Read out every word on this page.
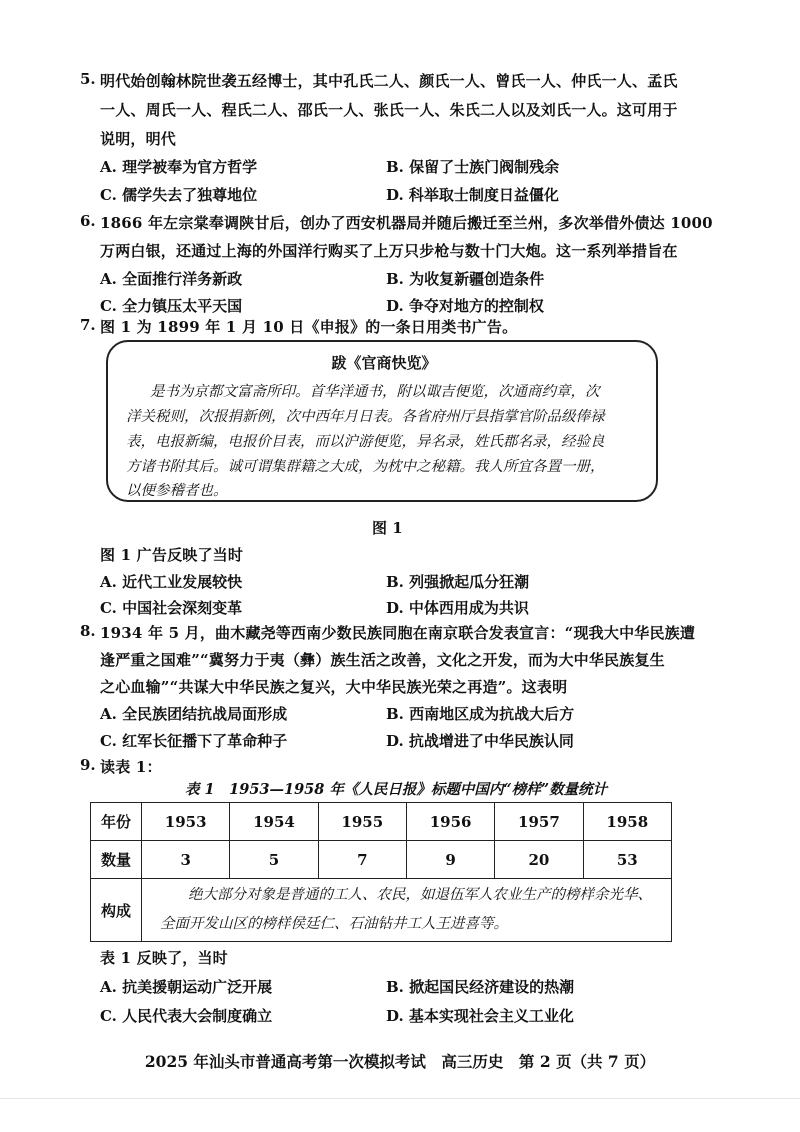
5. 明代始创翰林院世袭五经博士，其中孔氏二人、颜氏一人、曾氏一人、仲氏一人、孟氏
一人、周氏一人、程氏二人、邵氏一人、张氏一人、朱氏二人以及刘氏一人。这可用于
说明，明代
A. 理学被奉为官方哲学	B. 保留了士族门阀制残余
C. 儒学失去了独尊地位	D. 科举取士制度日益僵化
6. 1866 年左宗棠奉调陕甘后，创办了西安机器局并随后搬迁至兰州，多次举借外债达 1000
万两白银，还通过上海的外国洋行购买了上万只步枪与数十门大炮。这一系列举措旨在
A. 全面推行洋务新政	B. 为收复新疆创造条件
C. 全力镇压太平天国	D. 争夺对地方的控制权
7. 图 1 为 1899 年 1 月 10 日《申报》的一条日用类书广告。
跋《官商快览》
是书为京都文富斋所印。首华洋通书，附以诹吉便览，次通商约章，次
洋关税则，次报捐新例，次中西年月日表。各省府州厅县指掌官阶品级俸禄
表，电报新编，电报价目表，而以沪游便览，异名录，姓氏郡名录，经验良
方诸书附其后。诚可谓集群籍之大成，为枕中之秘籍。我人所宜各置一册，
以便参稽者也。
图 1
图 1 广告反映了当时
A. 近代工业发展较快	B. 列强掀起瓜分狂潮
C. 中国社会深刻变革	D. 中体西用成为共识
8. 1934 年 5 月，曲木藏尧等西南少数民族同胞在南京联合发表宣言：“现我大中华民族遭
逢严重之国难”“冀努力于夷（彝）族生活之改善，文化之开发，而为大中华民族复生
之心血输”“共谋大中华民族之复兴，大中华民族光荣之再造”。这表明
A. 全民族团结抗战局面形成	B. 西南地区成为抗战大后方
C. 红军长征播下了革命种子	D. 抗战增进了中华民族认同
9. 读表 1：
表 1　1953—1958 年《人民日报》标题中国内“榜样”数量统计
年份	1953	1954	1955	1956	1957	1958
数量	3	5	7	9	20	53
构成	绝大部分对象是普通的工人、农民，如退伍军人农业生产的榜样余光华、
全面开发山区的榜样侯廷仁、石油钻井工人王进喜等。					
表 1 反映了，当时
A. 抗美援朝运动广泛开展	B. 掀起国民经济建设的热潮
C. 人民代表大会制度确立	D. 基本实现社会主义工业化
2025 年汕头市普通高考第一次模拟考试　高三历史　第 2 页（共 7 页）
